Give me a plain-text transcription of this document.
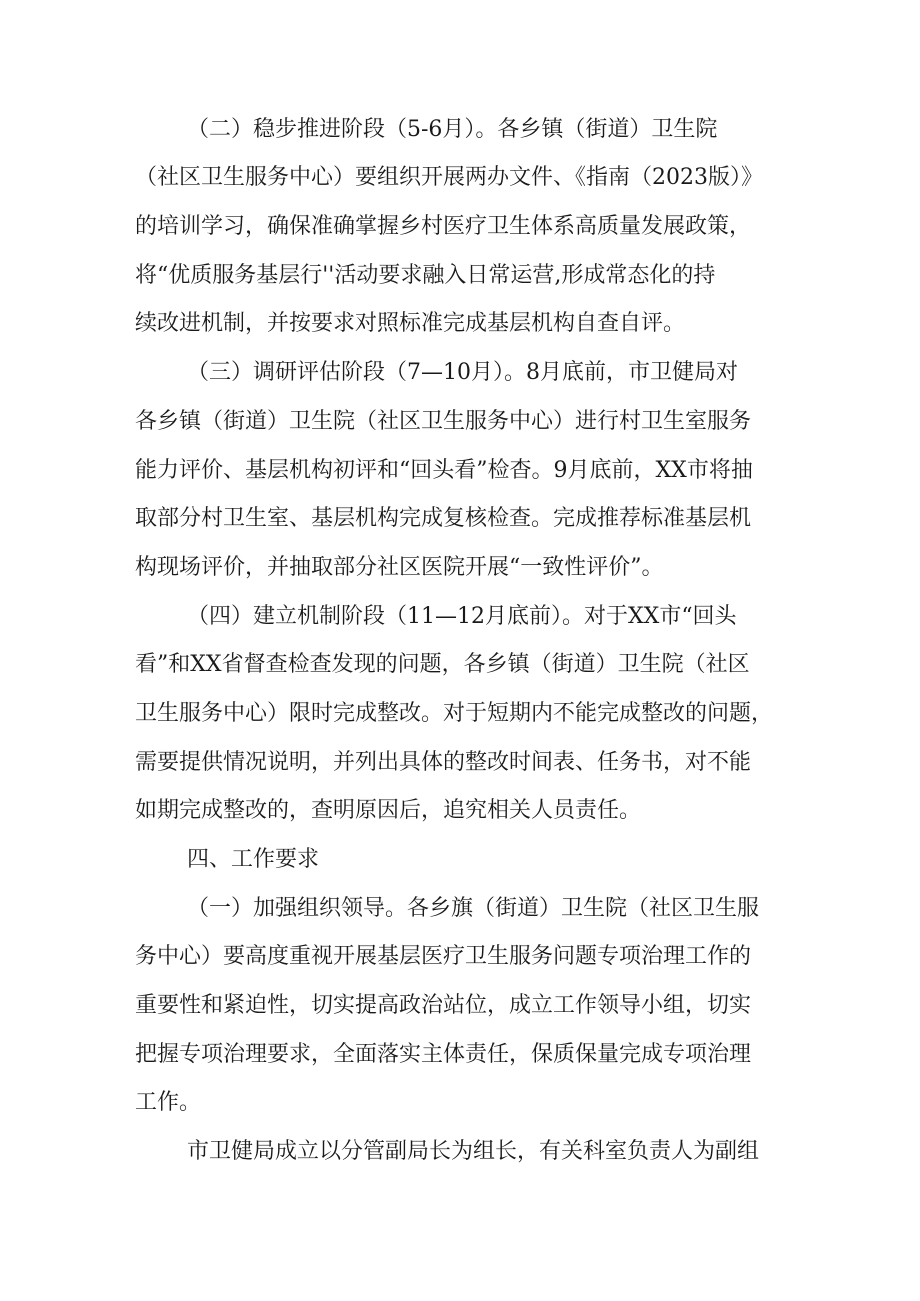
（二）稳步推进阶段（5-6月）。各乡镇（街道）卫生院
（社区卫生服务中心）要组织开展两办文件、《指南（2023版）》
的培训学习，确保准确掌握乡村医疗卫生体系高质量发展政策，
将“优质服务基层行''活动要求融入日常运营,形成常态化的持
续改进机制，并按要求对照标准完成基层机构自查自评。
（三）调研评估阶段（7—10月）。8月底前，市卫健局对
各乡镇（街道）卫生院（社区卫生服务中心）进行村卫生室服务
能力评价、基层机构初评和“回头看”检杳。9月底前，XX市将抽
取部分村卫生室、基层机构完成复核检查。完成推荐标准基层机
构现场评价，并抽取部分社区医院开展“一致性评价”。
（四）建立机制阶段（11—12月底前）。对于XX市“回头
看”和XX省督查检查发现的问题，各乡镇（街道）卫生院（社区
卫生服务中心）限时完成整改。对于短期内不能完成整改的问题，
需要提供情况说明，并列出具体的整改时间表、任务书，对不能
如期完成整改的，查明原因后，追究相关人员责任。
四、工作要求
（一）加强组织领导。各乡旗（街道）卫生院（社区卫生服
务中心）要高度重视开展基层医疗卫生服务问题专项治理工作的
重要性和紧迫性，切实提高政治站位，成立工作领导小组，切实
把握专项治理要求，全面落实主体责任，保质保量完成专项治理
工作。
市卫健局成立以分管副局长为组长，有关科室负责人为副组
